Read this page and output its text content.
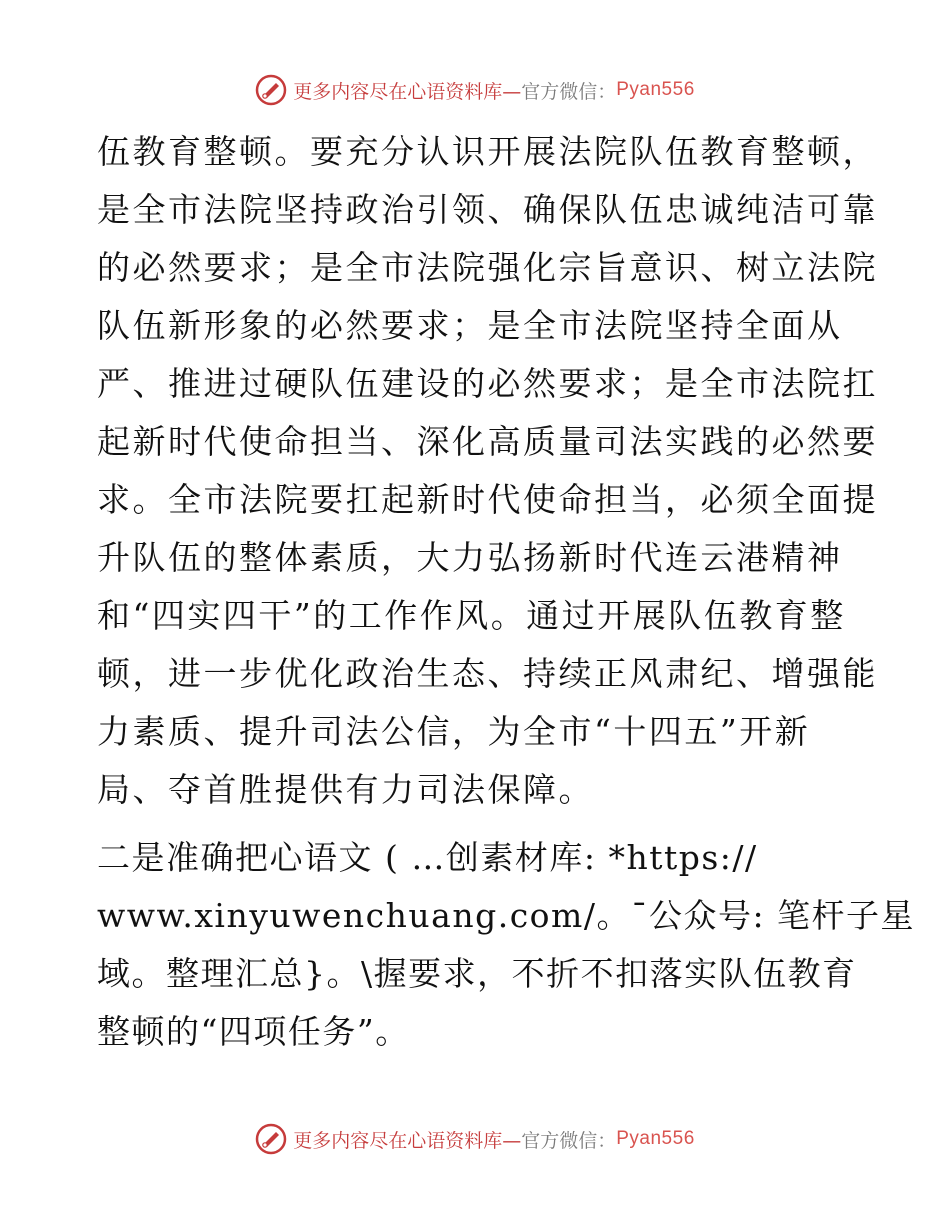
更多内容尽在心语资料库— 官方微信： Pyan556

伍教育整顿。要充分认识开展法院队伍教育整顿，
是全市法院坚持政治引领、确保队伍忠诚纯洁可靠
的必然要求；是全市法院强化宗旨意识、树立法院
队伍新形象的必然要求；是全市法院坚持全面从
严、推进过硬队伍建设的必然要求；是全市法院扛
起新时代使命担当、深化高质量司法实践的必然要
求。全市法院要扛起新时代使命担当，必须全面提
升队伍的整体素质，大力弘扬新时代连云港精神
和“四实四干”的工作作风。通过开展队伍教育整
顿，进一步优化政治生态、持续正风肃纪、增强能
力素质、提升司法公信，为全市“十四五”开新
局、夺首胜提供有力司法保障。

二是准确把心语文 ( …创素材库: *https://
www.xinyuwenchuang.com/。¯公众号: 笔杆子星
域。整理汇总}。\握要求，不折不扣落实队伍教育
整顿的“四项任务”。

更多内容尽在心语资料库— 官方微信： Pyan556
